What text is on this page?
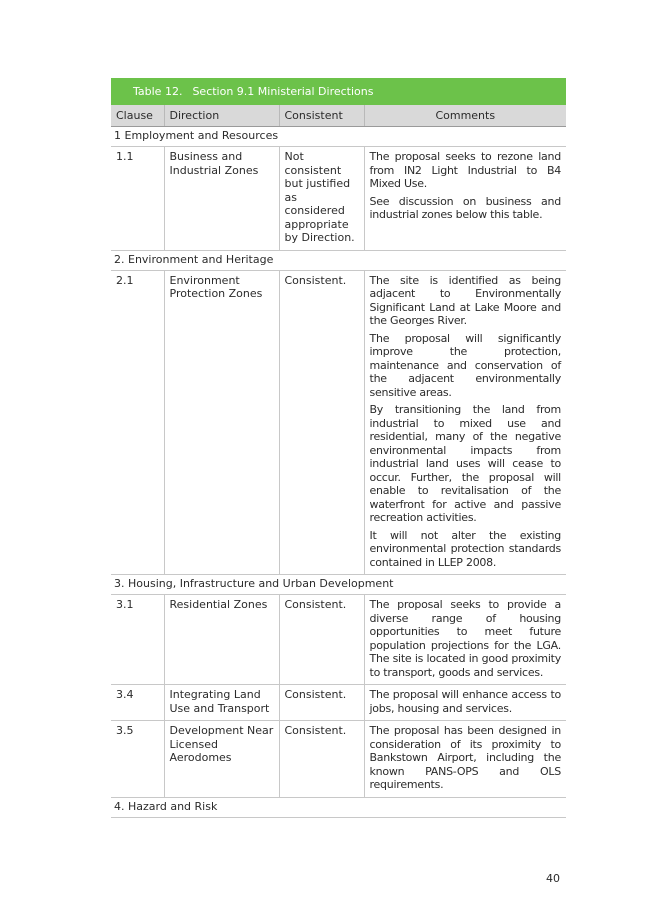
Table 12. Section 9.1 Ministerial Directions
Clause	Direction	Consistent	Comments
1 Employment and Resources			
1.1	Business and Industrial Zones	Not consistent but justified as considered appropriate by Direction.	The proposal seeks to rezone land from IN2 Light Industrial to B4 Mixed Use.

See discussion on business and industrial zones below this table.

2. Environment and Heritage			
2.1	Environment Protection Zones	Consistent.	The site is identified as being adjacent to Environmentally Significant Land at Lake Moore and the Georges River.

The proposal will significantly improve the protection, maintenance and conservation of the adjacent environmentally sensitive areas.

By transitioning the land from industrial to mixed use and residential, many of the negative environmental impacts from industrial land uses will cease to occur. Further, the proposal will enable to revitalisation of the waterfront for active and passive recreation activities.

It will not alter the existing environmental protection standards contained in LLEP 2008.

3. Housing, Infrastructure and Urban Development			
3.1	Residential Zones	Consistent.	The proposal seeks to provide a diverse range of housing opportunities to meet future population projections for the LGA. The site is located in good proximity to transport, goods and services.

3.4	Integrating Land Use and Transport	Consistent.	The proposal will enhance access to jobs, housing and services.

3.5	Development Near Licensed Aerodomes	Consistent.	The proposal has been designed in consideration of its proximity to Bankstown Airport, including the known PANS-OPS and OLS requirements.

4. Hazard and Risk			
40
